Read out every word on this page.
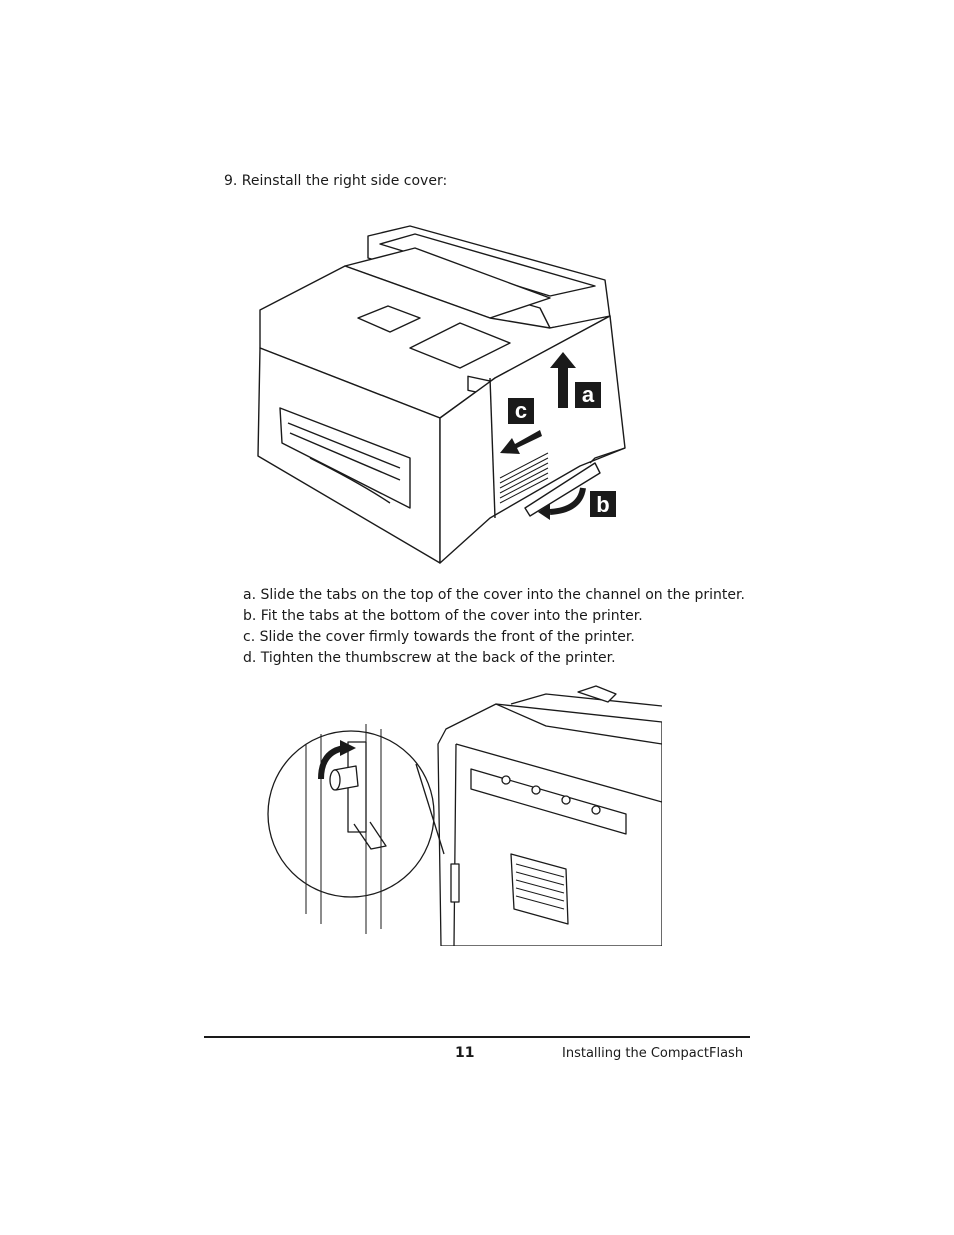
9. Reinstall the right side cover:
a
c
b
a. Slide the tabs on the top of the cover into the channel on the printer.
b. Fit the tabs at the bottom of the cover into the printer.
c. Slide the cover firmly towards the front of the printer.
d. Tighten the thumbscrew at the back of the printer.
11	Installing the CompactFlash
